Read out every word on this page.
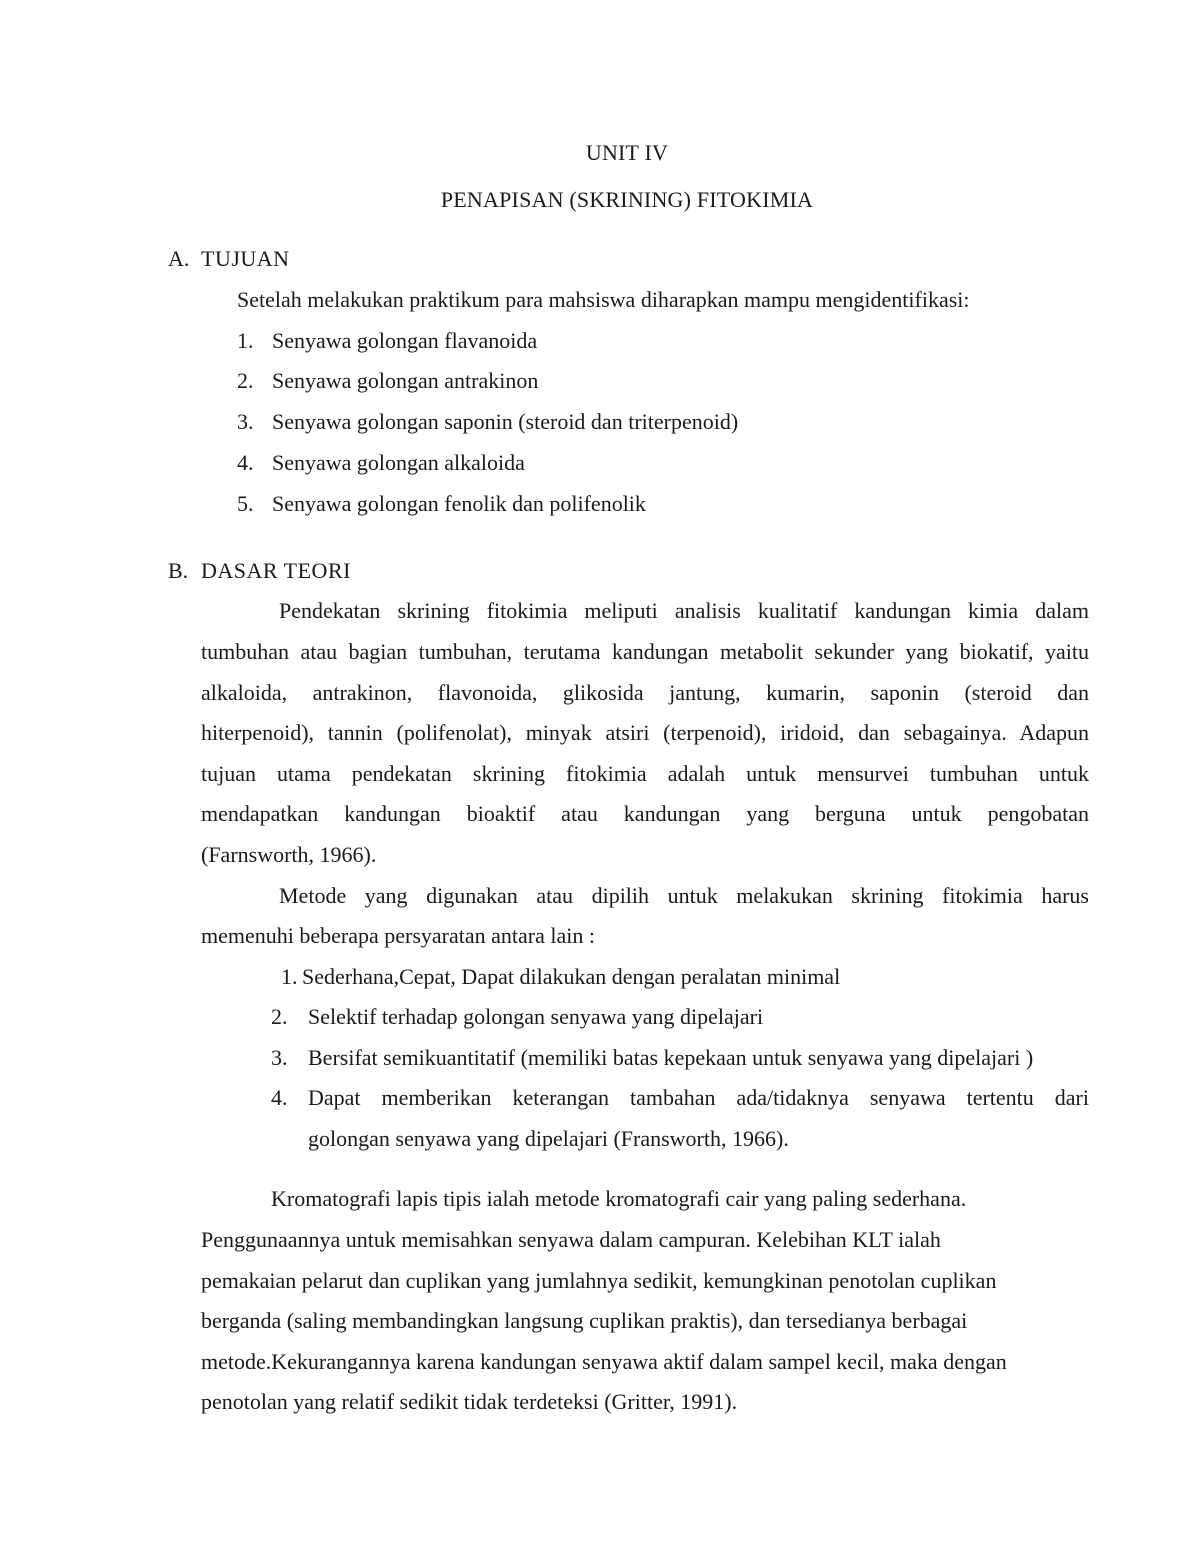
UNIT IV
PENAPISAN (SKRINING) FITOKIMIA
A. TUJUAN
Setelah melakukan praktikum para mahsiswa diharapkan mampu mengidentifikasi:
1. Senyawa golongan flavanoida
2. Senyawa golongan antrakinon
3. Senyawa golongan saponin (steroid dan triterpenoid)
4. Senyawa golongan alkaloida
5. Senyawa golongan fenolik dan polifenolik
B. DASAR TEORI
Pendekatan skrining fitokimia meliputi analisis kualitatif kandungan kimia dalam
tumbuhan atau bagian tumbuhan, terutama kandungan metabolit sekunder yang biokatif, yaitu
alkaloida, antrakinon, flavonoida, glikosida jantung, kumarin, saponin (steroid dan
hiterpenoid), tannin (polifenolat), minyak atsiri (terpenoid), iridoid, dan sebagainya. Adapun
tujuan utama pendekatan skrining fitokimia adalah untuk mensurvei tumbuhan untuk
mendapatkan kandungan bioaktif atau kandungan yang berguna untuk pengobatan
(Farnsworth, 1966).
Metode yang digunakan atau dipilih untuk melakukan skrining fitokimia harus
memenuhi beberapa persyaratan antara lain :
1. Sederhana,Cepat, Dapat dilakukan dengan peralatan minimal
2. Selektif terhadap golongan senyawa yang dipelajari
3. Bersifat semikuantitatif (memiliki batas kepekaan untuk senyawa yang dipelajari )
4. Dapat memberikan keterangan tambahan ada/tidaknya senyawa tertentu dari
golongan senyawa yang dipelajari (Fransworth, 1966).
Kromatografi lapis tipis ialah metode kromatografi cair yang paling sederhana.
Penggunaannya untuk memisahkan senyawa dalam campuran. Kelebihan KLT ialah
pemakaian pelarut dan cuplikan yang jumlahnya sedikit, kemungkinan penotolan cuplikan
berganda (saling membandingkan langsung cuplikan praktis), dan tersedianya berbagai
metode.Kekurangannya karena kandungan senyawa aktif dalam sampel kecil, maka dengan
penotolan yang relatif sedikit tidak terdeteksi (Gritter, 1991).
